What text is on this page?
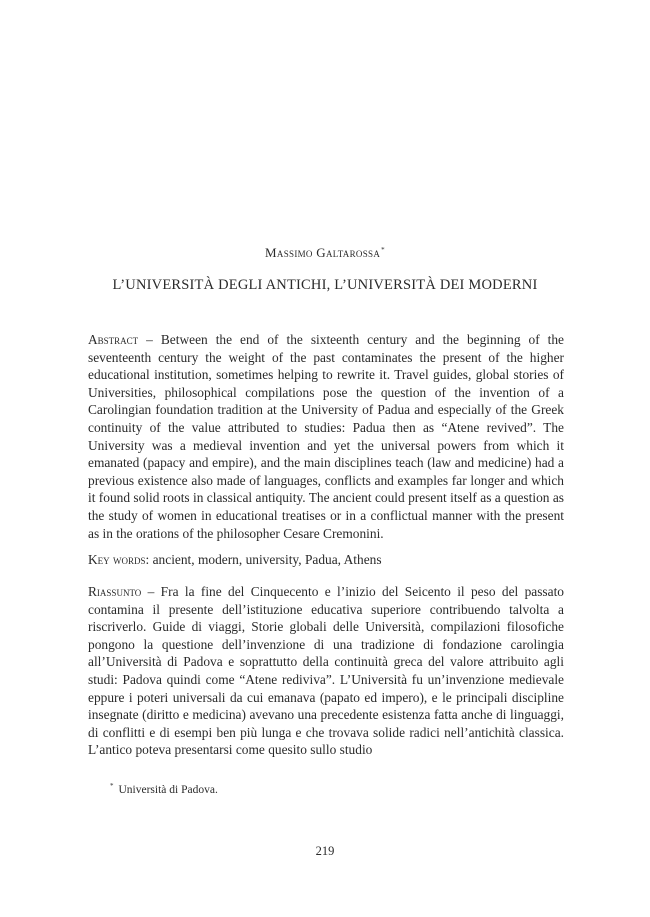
Massimo Galtarossa*
L’UNIVERSITÀ DEGLI ANTICHI, L’UNIVERSITÀ DEI MODERNI
Abstract – Between the end of the sixteenth century and the beginning of the seventeenth century the weight of the past contaminates the present of the higher educational institution, sometimes helping to rewrite it. Travel guides, global stories of Universities, philosophical compilations pose the question of the invention of a Carolingian foundation tradition at the University of Padua and especially of the Greek continuity of the value attributed to studies: Padua then as “Atene revived”. The University was a medieval invention and yet the universal powers from which it emanated (papacy and empire), and the main disciplines teach (law and medicine) had a previous existence also made of languages, conflicts and examples far longer and which it found solid roots in classical antiquity. The ancient could present itself as a question as the study of women in educational treatises or in a conflictual manner with the present as in the orations of the philosopher Cesare Cremonini.
Key words: ancient, modern, university, Padua, Athens
Riassunto – Fra la fine del Cinquecento e l’inizio del Seicento il peso del passato contamina il presente dell’istituzione educativa superiore contribuendo talvolta a riscriverlo. Guide di viaggi, Storie globali delle Università, compilazioni filosofiche pongono la questione dell’invenzione di una tradizione di fondazione carolingia all’Università di Padova e soprattutto della continuità greca del valore attribuito agli studi: Padova quindi come “Atene rediviva”. L’Università fu un’invenzione medievale eppure i poteri universali da cui emanava (papato ed impero), e le principali discipline insegnate (diritto e medicina) avevano una precedente esistenza fatta anche di linguaggi, di conflitti e di esempi ben più lunga e che trovava solide radici nell’antichità classica. L’antico poteva presentarsi come quesito sullo studio
* Università di Padova.
219
